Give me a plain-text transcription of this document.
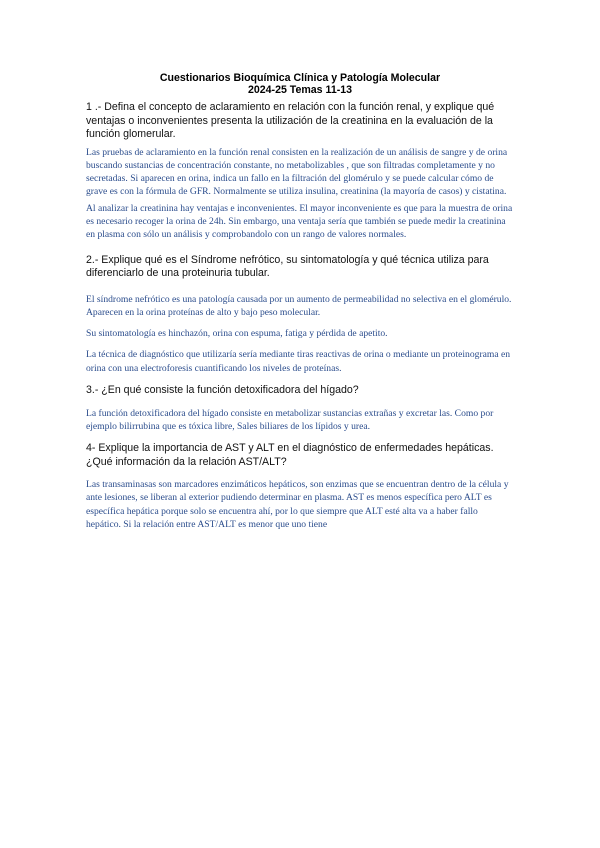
Cuestionarios Bioquímica Clínica y Patología Molecular

2024-25 Temas 11-13

1 .- Defina el concepto de aclaramiento en relación con la función renal, y explique qué ventajas o inconvenientes presenta la utilización de la creatinina en la evaluación de la función glomerular.

Las pruebas de aclaramiento en la función renal consisten en la realización de un análisis de sangre y de orina buscando sustancias de concentración constante, no metabolizables , que son filtradas completamente y no secretadas. Si aparecen en orina, indica un fallo en la filtración del glomérulo y se puede calcular cómo de grave es con la fórmula de GFR. Normalmente se utiliza insulina, creatinina (la mayoría de casos) y cistatina.

Al analizar la creatinina hay ventajas e inconvenientes. El mayor inconveniente es que para la muestra de orina es necesario recoger la orina de 24h. Sin embargo, una ventaja sería que también se puede medir la creatinina en plasma con sólo un análisis y comprobandolo con un rango de valores normales.

2.- Explique qué es el Síndrome nefrótico, su sintomatología y qué técnica utiliza para diferenciarlo de una proteinuria tubular.

El síndrome nefrótico es una patología causada por un aumento de permeabilidad no selectiva en el glomérulo. Aparecen en la orina proteínas de alto y bajo peso molecular.

Su sintomatología es hinchazón, orina con espuma, fatiga y pérdida de apetito.

La técnica de diagnóstico que utilizaría sería mediante tiras reactivas de orina o mediante un proteinograma en orina con una electroforesis cuantificando los niveles de proteínas.

3.- ¿En qué consiste la función detoxificadora del hígado?

La función detoxificadora del hígado consiste en metabolizar sustancias extrañas y excretar las. Como por ejemplo bilirrubina que es tóxica libre, Sales biliares de los lípidos y urea.

4- Explique la importancia de AST y ALT en el diagnóstico de enfermedades hepáticas. ¿Qué información da la relación AST/ALT?

Las transaminasas son marcadores enzimáticos hepáticos, son enzimas que se encuentran dentro de la célula y ante lesiones, se liberan al exterior pudiendo determinar en plasma. AST es menos específica pero ALT es específica hepática porque solo se encuentra ahí, por lo que siempre que ALT esté alta va a haber fallo hepático. Si la relación entre AST/ALT es menor que uno tiene
